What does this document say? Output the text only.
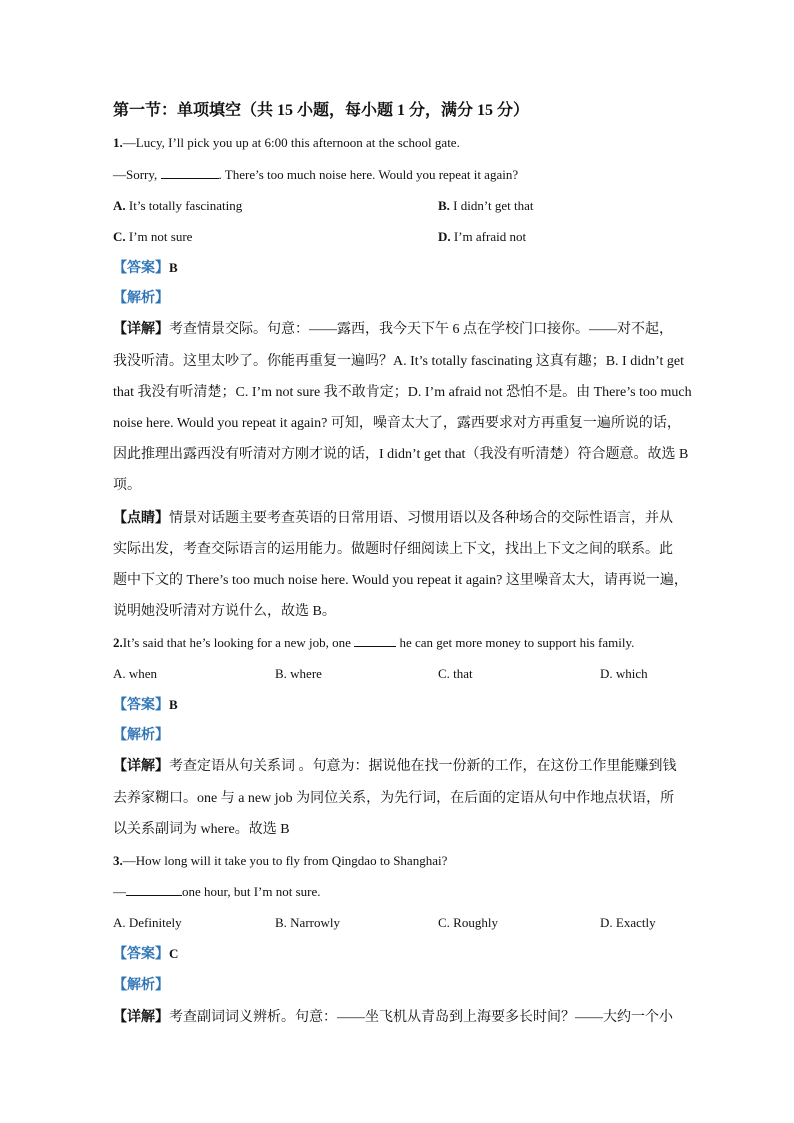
第一节：单项填空（共 15 小题，每小题 1 分，满分 15 分）
1.—Lucy, I’ll pick you up at 6:00 this afternoon at the school gate.
—Sorry,	. There’s too much noise here. Would you repeat it again?
A. It’s totally fascinating	B. I didn’t get that
C. I’m not sure	D. I’m afraid not
【答案】B
【解析】
【详解】考查情景交际。句意：——露西，我今天下午 6 点在学校门口接你。——对不起，
我没听清。这里太吵了。你能再重复一遍吗？A. It’s totally fascinating 这真有趣；B. I didn’t get
that 我没有听清楚；C. I’m not sure 我不敢肯定；D. I’m afraid not 恐怕不是。由 There’s too much
noise here. Would you repeat it again? 可知，噪音太大了，露西要求对方再重复一遍所说的话，
因此推理出露西没有听清对方刚才说的话，I didn’t get that（我没有听清楚）符合题意。故选 B
项。
【点睛】情景对话题主要考查英语的日常用语、习惯用语以及各种场合的交际性语言，并从
实际出发，考查交际语言的运用能力。做题时仔细阅读上下文，找出上下文之间的联系。此
题中下文的 There’s too much noise here. Would you repeat it again? 这里噪音太大，请再说一遍，
说明她没听清对方说什么，故选 B。
2.It’s said that he’s looking for a new job, one	he can get more money to support his family.
A. when	B. where	C. that	D. which
【答案】B
【解析】
【详解】考查定语从句关系词 。句意为：据说他在找一份新的工作，在这份工作里能赚到钱
去养家糊口。one 与 a new job 为同位关系，为先行词，在后面的定语从句中作地点状语，所
以关系副词为 where。故选 B
3.—How long will it take you to fly from Qingdao to Shanghai?
—	one hour, but I’m not sure.
A. Definitely	B. Narrowly	C. Roughly	D. Exactly
【答案】C
【解析】
【详解】考查副词词义辨析。句意：——坐飞机从青岛到上海要多长时间？——大约一个小
